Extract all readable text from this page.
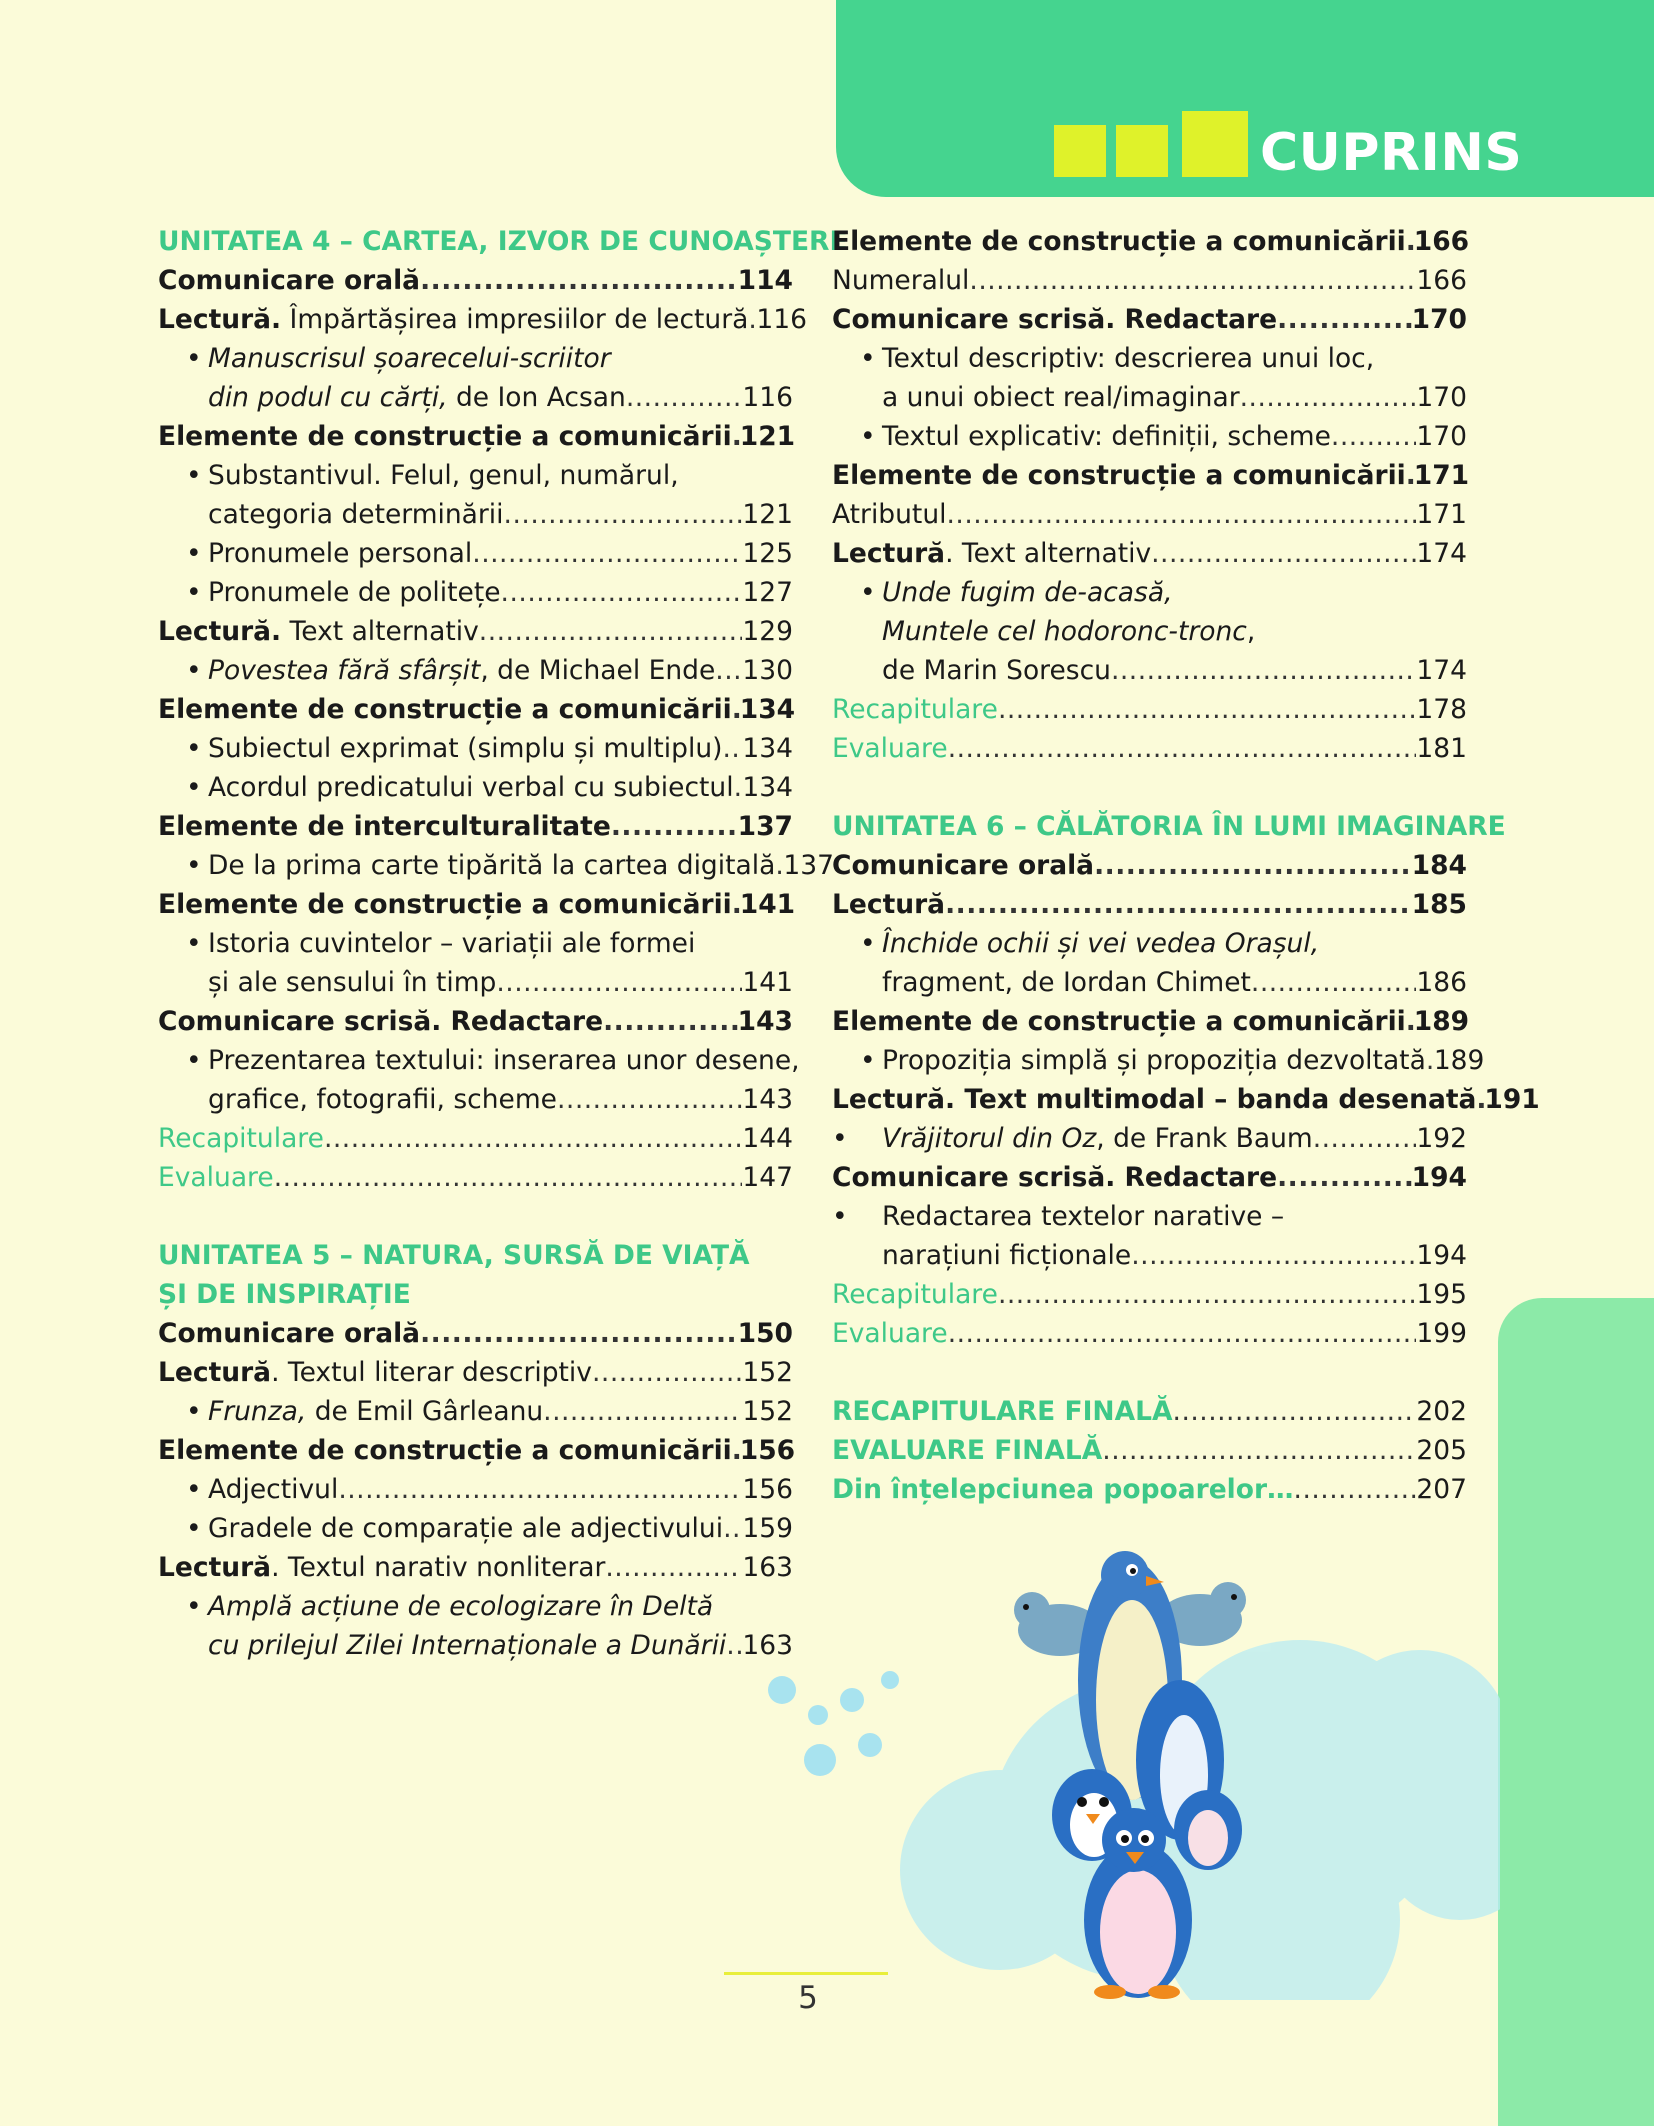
CUPRINS
UNITATEA 4 – CARTEA, IZVOR DE CUNOAȘTERE
Comunicare orală .....	114
Lectură. Împărtășirea impresiilor de lectură ..... 116
• Manuscrisul șoarecelui-scriitor
din podul cu cărți, de Ion Acsan .....	116
Elemente de construcție a comunicării ..... 121
• Substantivul. Felul, genul, numărul,
categoria determinării .....	121
• Pronumele personal .....	125
• Pronumele de politețe .....	127
Lectură. Text alternativ .....	129
• Povestea fără sfârșit, de Michael Ende ..... 130
Elemente de construcție a comunicării ..... 134
• Subiectul exprimat (simplu și multiplu) ..... 134
• Acordul predicatului verbal cu subiectul ..... 134
Elemente de interculturalitate .....	137
• De la prima carte tipărită la cartea digitală ..... 137
Elemente de construcție a comunicării ..... 141
• Istoria cuvintelor – variații ale formei
și ale sensului în timp .....	141
Comunicare scrisă. Redactare .....	143
• Prezentarea textului: inserarea unor desene,
grafice, fotografii, scheme .....	143
Recapitulare .....	144
Evaluare .....	147
UNITATEA 5 – NATURA, SURSĂ DE VIAȚĂ
ȘI DE INSPIRAȚIE
Comunicare orală .....	150
Lectură. Textul literar descriptiv .....	152
• Frunza, de Emil Gârleanu .....	152
Elemente de construcție a comunicării ..... 156
• Adjectivul .....	156
• Gradele de comparație ale adjectivului ..... 159
Lectură. Textul narativ nonliterar .....	163
• Amplă acțiune de ecologizare în Deltă
cu prilejul Zilei Internaționale a Dunării ..... 163
Elemente de construcție a comunicării ..... 166
Numeralul .....	166
Comunicare scrisă. Redactare .....	170
• Textul descriptiv: descrierea unui loc,
a unui obiect real/imaginar .....	170
• Textul explicativ: definiții, scheme .....	170
Elemente de construcție a comunicării ..... 171
Atributul .....	171
Lectură. Text alternativ .....	174
• Unde fugim de-acasă,
Muntele cel hodoronc-tronc,
de Marin Sorescu .....	174
Recapitulare .....	178
Evaluare .....	181
UNITATEA 6 – CĂLĂTORIA ÎN LUMI IMAGINARE
Comunicare orală .....	184
Lectură .....	185
• Închide ochii și vei vedea Orașul,
fragment, de Iordan Chimet .....	186
Elemente de construcție a comunicării ..... 189
• Propoziția simplă și propoziția dezvoltată ..... 189
Lectură. Text multimodal – banda desenată ..... 191
• Vrăjitorul din Oz, de Frank Baum .....	192
Comunicare scrisă. Redactare .....	194
• Redactarea textelor narative –
narațiuni ficționale .....	194
Recapitulare .....	195
Evaluare .....	199
RECAPITULARE FINALĂ .....	202
EVALUARE FINALĂ .....	205
Din înțelepciunea popoarelor… .....	207
5
